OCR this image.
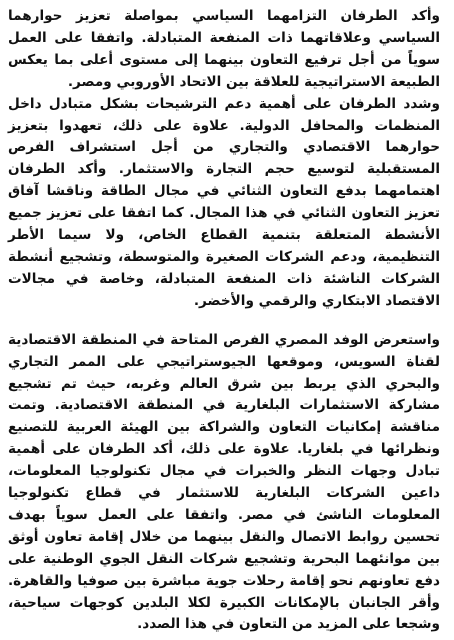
وأكد الطرفان التزامهما السياسي بمواصلة تعزيز حوارهما السياسي وعلاقاتهما ذات المنفعة المتبادلة. واتفقا على العمل سوياً من أجل ترفيع التعاون بينهما إلى مستوى أعلى بما يعكس الطبيعة الاستراتيجية للعلاقة بين الاتحاد الأوروبي ومصر.

وشدد الطرفان على أهمية دعم الترشيحات بشكل متبادل داخل المنظمات والمحافل الدولية. علاوة على ذلك، تعهدوا بتعزيز حوارهما الاقتصادي والتجاري من أجل استشراف الفرص المستقبلية لتوسيع حجم التجارة والاستثمار. وأكد الطرفان اهتمامهما بدفع التعاون الثنائي في مجال الطاقة وناقشا آفاق تعزيز التعاون الثنائي في هذا المجال. كما اتفقا على تعزيز جميع الأنشطة المتعلقة بتنمية القطاع الخاص، ولا سيما الأطر التنظيمية، ودعم الشركات الصغيرة والمتوسطة، وتشجيع أنشطة الشركات الناشئة ذات المنفعة المتبادلة، وخاصة في مجالات الاقتصاد الابتكاري والرقمي والأخضر.

واستعرض الوفد المصري الفرص المتاحة في المنطقة الاقتصادية لقناة السويس، وموقعها الجيوستراتيجي على الممر التجاري والبحري الذي يربط بين شرق العالم وغربه، حيث تم تشجيع مشاركة الاستثمارات البلغارية في المنطقة الاقتصادية. وتمت مناقشة إمكانيات التعاون والشراكة بين الهيئة العربية للتصنيع ونظرائها في بلغاريا. علاوة على ذلك، أكد الطرفان على أهمية تبادل وجهات النظر والخبرات في مجال تكنولوجيا المعلومات، داعين الشركات البلغارية للاستثمار في قطاع تكنولوجيا المعلومات الناشئ في مصر. واتفقا على العمل سوياً بهدف تحسين روابط الاتصال والنقل بينهما من خلال إقامة تعاون أوثق بين موانئهما البحرية وتشجيع شركات النقل الجوي الوطنية على دفع تعاونهم نحو إقامة رحلات جوية مباشرة بين صوفيا والقاهرة. وأقر الجانبان بالإمكانات الكبيرة لكلا البلدين كوجهات سياحية، وشجعا على المزيد من التعاون في هذا الصدد.
